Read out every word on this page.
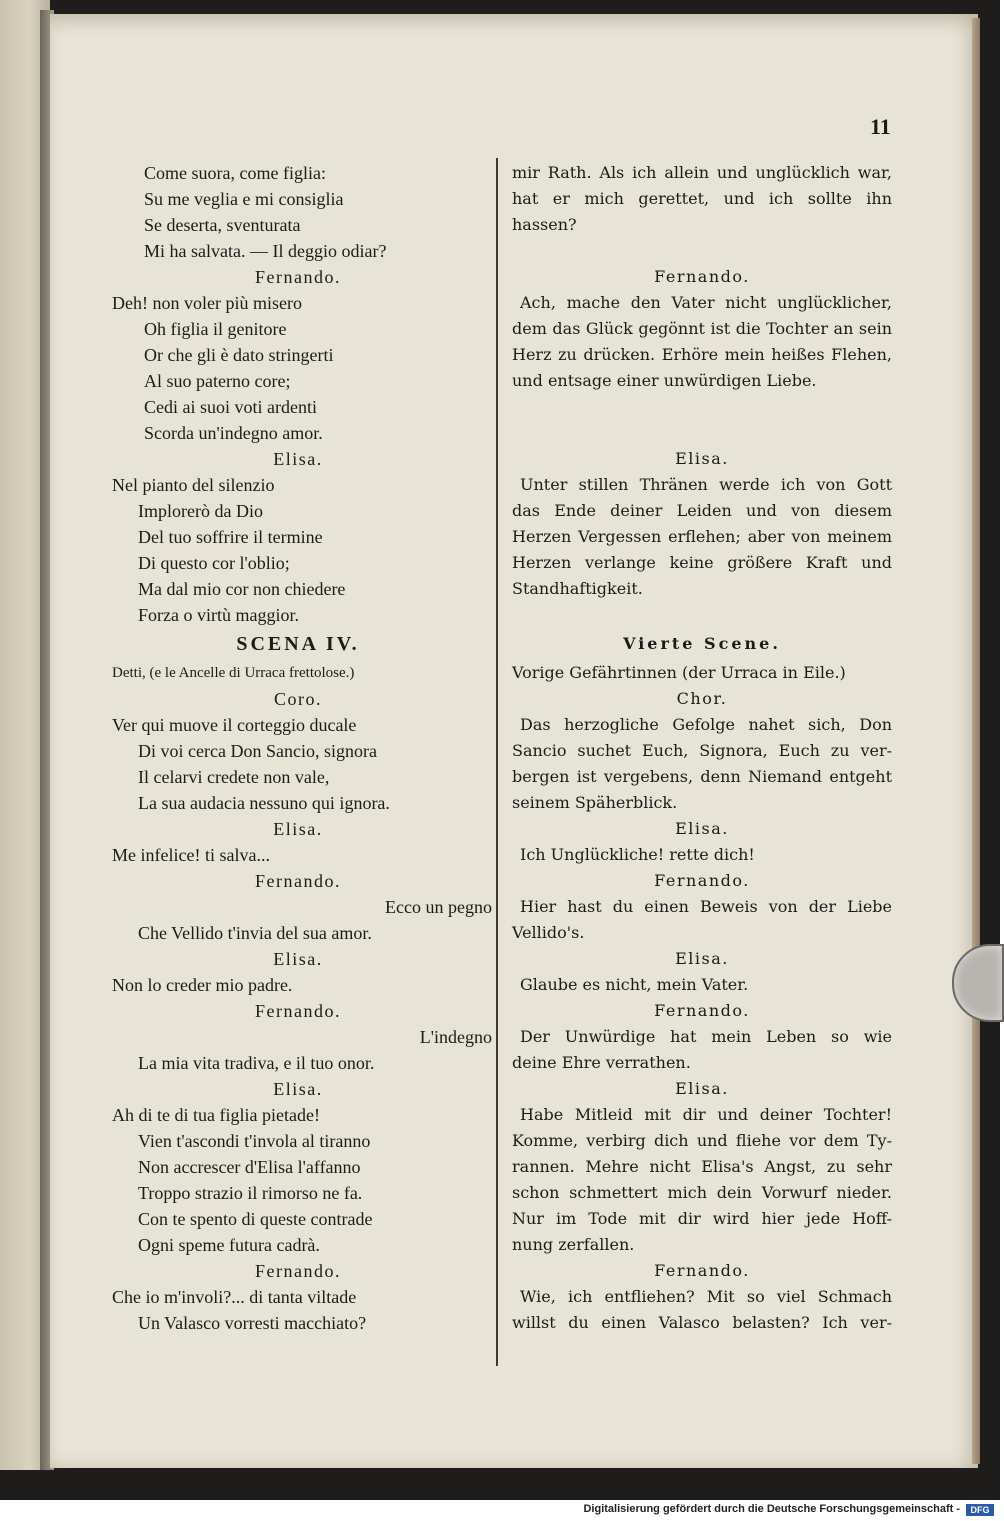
11
Come suora, come figlia:
Su me veglia e mi consiglia
Se deserta, sventurata
Mi ha salvata. — Il deggio odiar?
Fernando.
Deh! non voler più misero
Oh figlia il genitore
Or che gli è dato stringerti
Al suo paterno core;
Cedi ai suoi voti ardenti
Scorda un'indegno amor.
Elisa.
Nel pianto del silenzio
Implorerò da Dio
Del tuo soffrire il termine
Di questo cor l'oblio;
Ma dal mio cor non chiedere
Forza o virtù maggior.
SCENA IV.
Detti, (e le Ancelle di Urraca frettolose.)
Coro.
Ver qui muove il corteggio ducale
Di voi cerca Don Sancio, signora
Il celarvi credete non vale,
La sua audacia nessuno qui ignora.
Elisa.
Me infelice! ti salva...
Fernando.
Ecco un pegno
Che Vellido t'invia del sua amor.
Elisa.
Non lo creder mio padre.
Fernando.
L'indegno
La mia vita tradiva, e il tuo onor.
Elisa.
Ah di te di tua figlia pietade!
Vien t'ascondi t'invola al tiranno
Non accrescer d'Elisa l'affanno
Troppo strazio il rimorso ne fa.
Con te spento di queste contrade
Ogni speme futura cadrà.
Fernando.
Che io m'involi?... di tanta viltade
Un Valasco vorresti macchiato?
mir Rath. Als ich allein und unglücklich war,
hat er mich gerettet, und ich sollte ihn hassen?
Fernando.
Ach, mache den Vater nicht unglücklicher,
dem das Glück gegönnt ist die Tochter an sein
Herz zu drücken. Erhöre mein heißes Flehen,
und entsage einer unwürdigen Liebe.
Elisa.
Unter stillen Thränen werde ich von Gott
das Ende deiner Leiden und von diesem
Herzen Vergessen erflehen; aber von meinem
Herzen verlange keine größere Kraft und
Standhaftigkeit.
Vierte Scene.
Vorige Gefährtinnen (der Urraca in Eile.)
Chor.
Das herzogliche Gefolge nahet sich, Don
Sancio suchet Euch, Signora, Euch zu ver-
bergen ist vergebens, denn Niemand entgeht
seinem Späherblick.
Elisa.
Ich Unglückliche! rette dich!
Fernando.
Hier hast du einen Beweis von der Liebe
Vellido's.
Elisa.
Glaube es nicht, mein Vater.
Fernando.
Der Unwürdige hat mein Leben so wie
deine Ehre verrathen.
Elisa.
Habe Mitleid mit dir und deiner Tochter!
Komme, verbirg dich und fliehe vor dem Ty-
rannen. Mehre nicht Elisa's Angst, zu sehr
schon schmettert mich dein Vorwurf nieder.
Nur im Tode mit dir wird hier jede Hoff-
nung zerfallen.
Fernando.
Wie, ich entfliehen? Mit so viel Schmach
willst du einen Valasco belasten? Ich ver-
Digitalisierung gefördert durch die Deutsche Forschungsgemeinschaft -	DFG
